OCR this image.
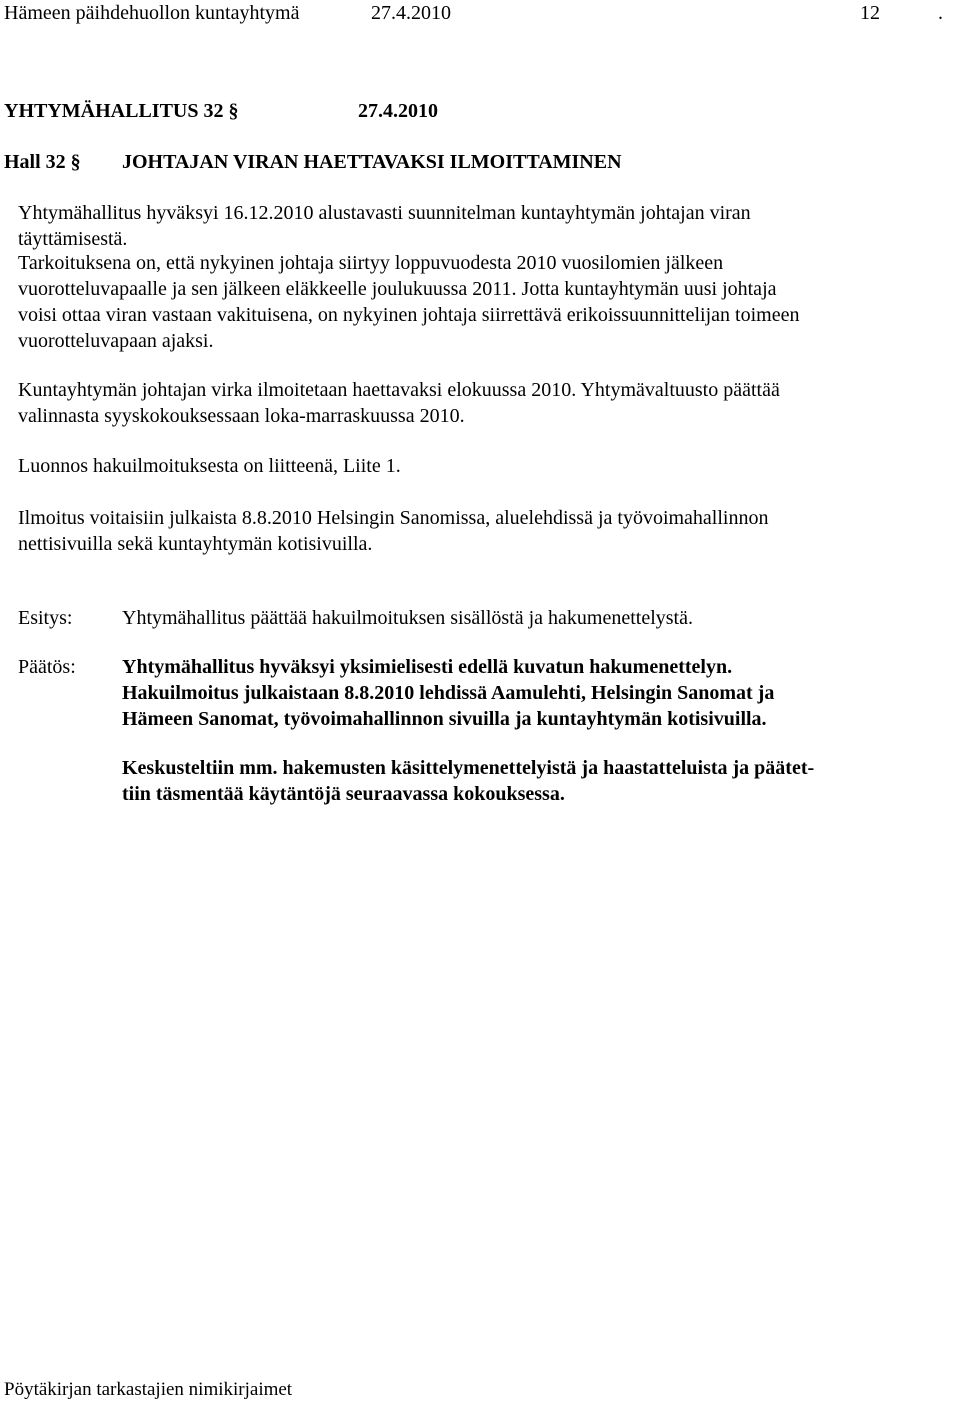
Hämeen päihdehuollon kuntayhtymä	27.4.2010	12	.
YHTYMÄHALLITUS 32 §	27.4.2010
Hall 32 § JOHTAJAN VIRAN HAETTAVAKSI ILMOITTAMINEN

Yhtymähallitus hyväksyi 16.12.2010 alustavasti suunnitelman kuntayhtymän johtajan viran

täyttämisestä.

Tarkoituksena on, että nykyinen johtaja siirtyy loppuvuodesta 2010 vuosilomien jälkeen

vuorotteluvapaalle ja sen jälkeen eläkkeelle joulukuussa 2011. Jotta kuntayhtymän uusi johtaja

voisi ottaa viran vastaan vakituisena, on nykyinen johtaja siirrettävä erikoissuunnittelijan toimeen

vuorotteluvapaan ajaksi.

Kuntayhtymän johtajan virka ilmoitetaan haettavaksi elokuussa 2010. Yhtymävaltuusto päättää

valinnasta syyskokouksessaan loka-marraskuussa 2010.

Luonnos hakuilmoituksesta on liitteenä, Liite 1.

Ilmoitus voitaisiin julkaista 8.8.2010 Helsingin Sanomissa, aluelehdissä ja työvoimahallinnon

nettisivuilla sekä kuntayhtymän kotisivuilla.

Esitys: Yhtymähallitus päättää hakuilmoituksen sisällöstä ja hakumenettelystä.
Päätös: Yhtymähallitus hyväksyi yksimielisesti edellä kuvatun hakumenettelyn.

Hakuilmoitus julkaistaan 8.8.2010 lehdissä Aamulehti, Helsingin Sanomat ja

Hämeen Sanomat, työvoimahallinnon sivuilla ja kuntayhtymän kotisivuilla.

Keskusteltiin mm. hakemusten käsittelymenettelyistä ja haastatteluista ja päätet-

tiin täsmentää käytäntöjä seuraavassa kokouksessa.

Pöytäkirjan tarkastajien nimikirjaimet
